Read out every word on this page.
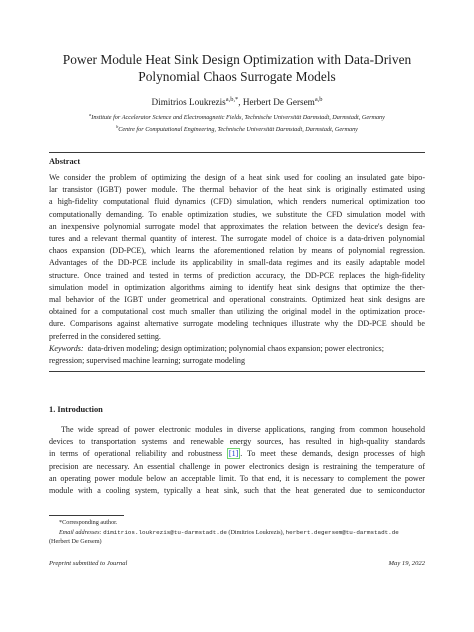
Power Module Heat Sink Design Optimization with Data-Driven
Polynomial Chaos Surrogate Models
Dimitrios Loukrezis$^{a,b,*}$, Herbert De Gersem$^{a,b}$
$^a$Institute for Accelerator Science and Electromagnetic Fields, Technische Universität Darmstadt, Darmstadt, Germany
$^b$Centre for Computational Engineering, Technische Universität Darmstadt, Darmstadt, Germany
Abstract
We consider the problem of optimizing the design of a heat sink used for cooling an insulated gate bipo-
lar transistor (IGBT) power module. The thermal behavior of the heat sink is originally estimated using
a high-fidelity computational fluid dynamics (CFD) simulation, which renders numerical optimization too
computationally demanding. To enable optimization studies, we substitute the CFD simulation model with
an inexpensive polynomial surrogate model that approximates the relation between the device's design fea-
tures and a relevant thermal quantity of interest. The surrogate model of choice is a data-driven polynomial
chaos expansion (DD-PCE), which learns the aforementioned relation by means of polynomial regression.
Advantages of the DD-PCE include its applicability in small-data regimes and its easily adaptable model
structure. Once trained and tested in terms of prediction accuracy, the DD-PCE replaces the high-fidelity
simulation model in optimization algorithms aiming to identify heat sink designs that optimize the ther-
mal behavior of the IGBT under geometrical and operational constraints. Optimized heat sink designs are
obtained for a computational cost much smaller than utilizing the original model in the optimization proce-
dure. Comparisons against alternative surrogate modeling techniques illustrate why the DD-PCE should be
preferred in the considered setting.
Keywords: data-driven modeling; design optimization; polynomial chaos expansion; power electronics;
regression; supervised machine learning; surrogate modeling
1. Introduction
The wide spread of power electronic modules in diverse applications, ranging from common household
devices to transportation systems and renewable energy sources, has resulted in high-quality standards
in terms of operational reliability and robustness [1] . To meet these demands, design processes of high
precision are necessary. An essential challenge in power electronics design is restraining the temperature of
an operating power module below an acceptable limit. To that end, it is necessary to complement the power
module with a cooling system, typically a heat sink, such that the heat generated due to semiconductor
*Corresponding author.
Email addresses: dimitrios.loukrezis@tu-darmstadt.de (Dimitrios Loukrezis), herbert.degersem@tu-darmstadt.de
(Herbert De Gersem)
Preprint submitted to Journal	May 19, 2022
